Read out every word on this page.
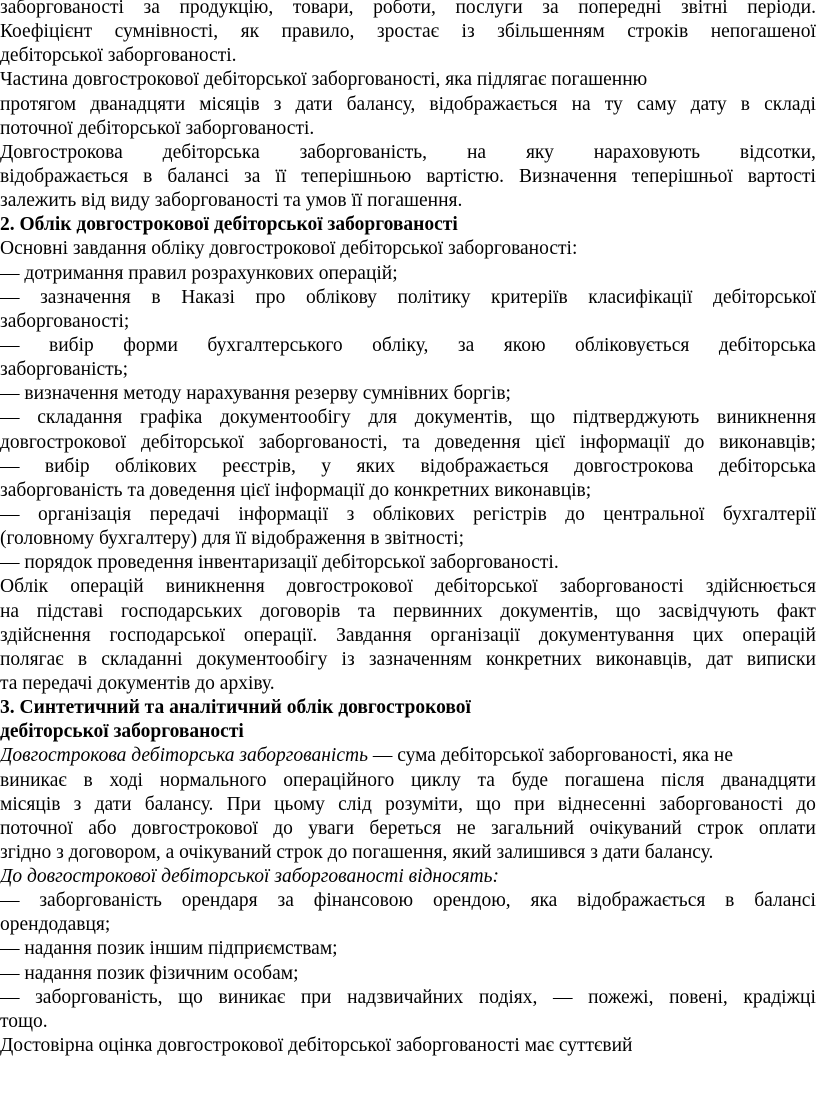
заборгованості за продукцію, товари, роботи, послуги за попередні звітні періоди.
Коефіцієнт сумнівності, як правило, зростає із збільшенням строків непогашеної
дебіторської заборгованості.
Частина довгострокової дебіторської заборгованості, яка підлягає погашенню
протягом дванадцяти місяців з дати балансу, відображається на ту саму дату в складі
поточної дебіторської заборгованості.
Довгострокова дебіторська заборгованість, на яку нараховують відсотки,
відображається в балансі за її теперішньою вартістю. Визначення теперішньої вартості
залежить від виду заборгованості та умов її погашення.
2. Облік довгострокової дебіторської заборгованості
Основні завдання обліку довгострокової дебіторської заборгованості:
— дотримання правил розрахункових операцій;
— зазначення в Наказі про облікову політику критеріїв класифікації дебіторської
заборгованості;
— вибір форми бухгалтерського обліку, за якою обліковується дебіторська
заборгованість;
— визначення методу нарахування резерву сумнівних боргів;
— складання графіка документообігу для документів, що підтверджують виникнення
довгострокової дебіторської заборгованості, та доведення цієї інформації до виконавців;
— вибір облікових реєстрів, у яких відображається довгострокова дебіторська
заборгованість та доведення цієї інформації до конкретних виконавців;
— організація передачі інформації з облікових регістрів до центральної бухгалтерії
(головному бухгалтеру) для її відображення в звітності;
— порядок проведення інвентаризації дебіторської заборгованості.
Облік операцій виникнення довгострокової дебіторської заборгованості здійснюється
на підставі господарських договорів та первинних документів, що засвідчують факт
здійснення господарської операції. Завдання організації документування цих операцій
полягає в складанні документообігу із зазначенням конкретних виконавців, дат виписки
та передачі документів до архіву.
3. Синтетичний та аналітичний облік довгострокової
дебіторської заборгованості
Довгострокова дебіторська заборгованість — сума дебіторської заборгованості, яка не
виникає в ході нормального операційного циклу та буде погашена після дванадцяти
місяців з дати балансу. При цьому слід розуміти, що при віднесенні заборгованості до
поточної або довгострокової до уваги береться не загальний очікуваний строк оплати
згідно з договором, а очікуваний строк до погашення, який залишився з дати балансу.
До довгострокової дебіторської заборгованості відносять:
— заборгованість орендаря за фінансовою орендою, яка відображається в балансі
орендодавця;
— надання позик іншим підприємствам;
— надання позик фізичним особам;
— заборгованість, що виникає при надзвичайних подіях, — пожежі, повені, крадіжці
тощо.
Достовірна оцінка довгострокової дебіторської заборгованості має суттєвий
